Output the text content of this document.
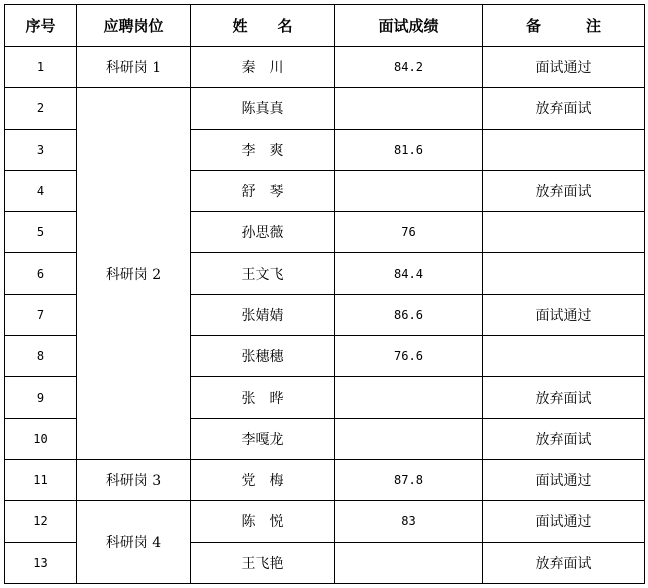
序号	应聘岗位	姓　　名	面试成绩	备　　　注
1	科研岗 1	秦　川	84.2	面试通过
2	科研岗 2	陈真真		放弃面试
3		李　爽	81.6	
4		舒　琴		放弃面试
5		孙思薇	76	
6		王文飞	84.4	
7		张婧婧	86.6	面试通过
8		张穗穗	76.6	
9		张　晔		放弃面试
10		李嘎龙		放弃面试
11	科研岗 3	党　梅	87.8	面试通过
12	科研岗 4	陈　悦	83	面试通过
13		王飞艳		放弃面试
